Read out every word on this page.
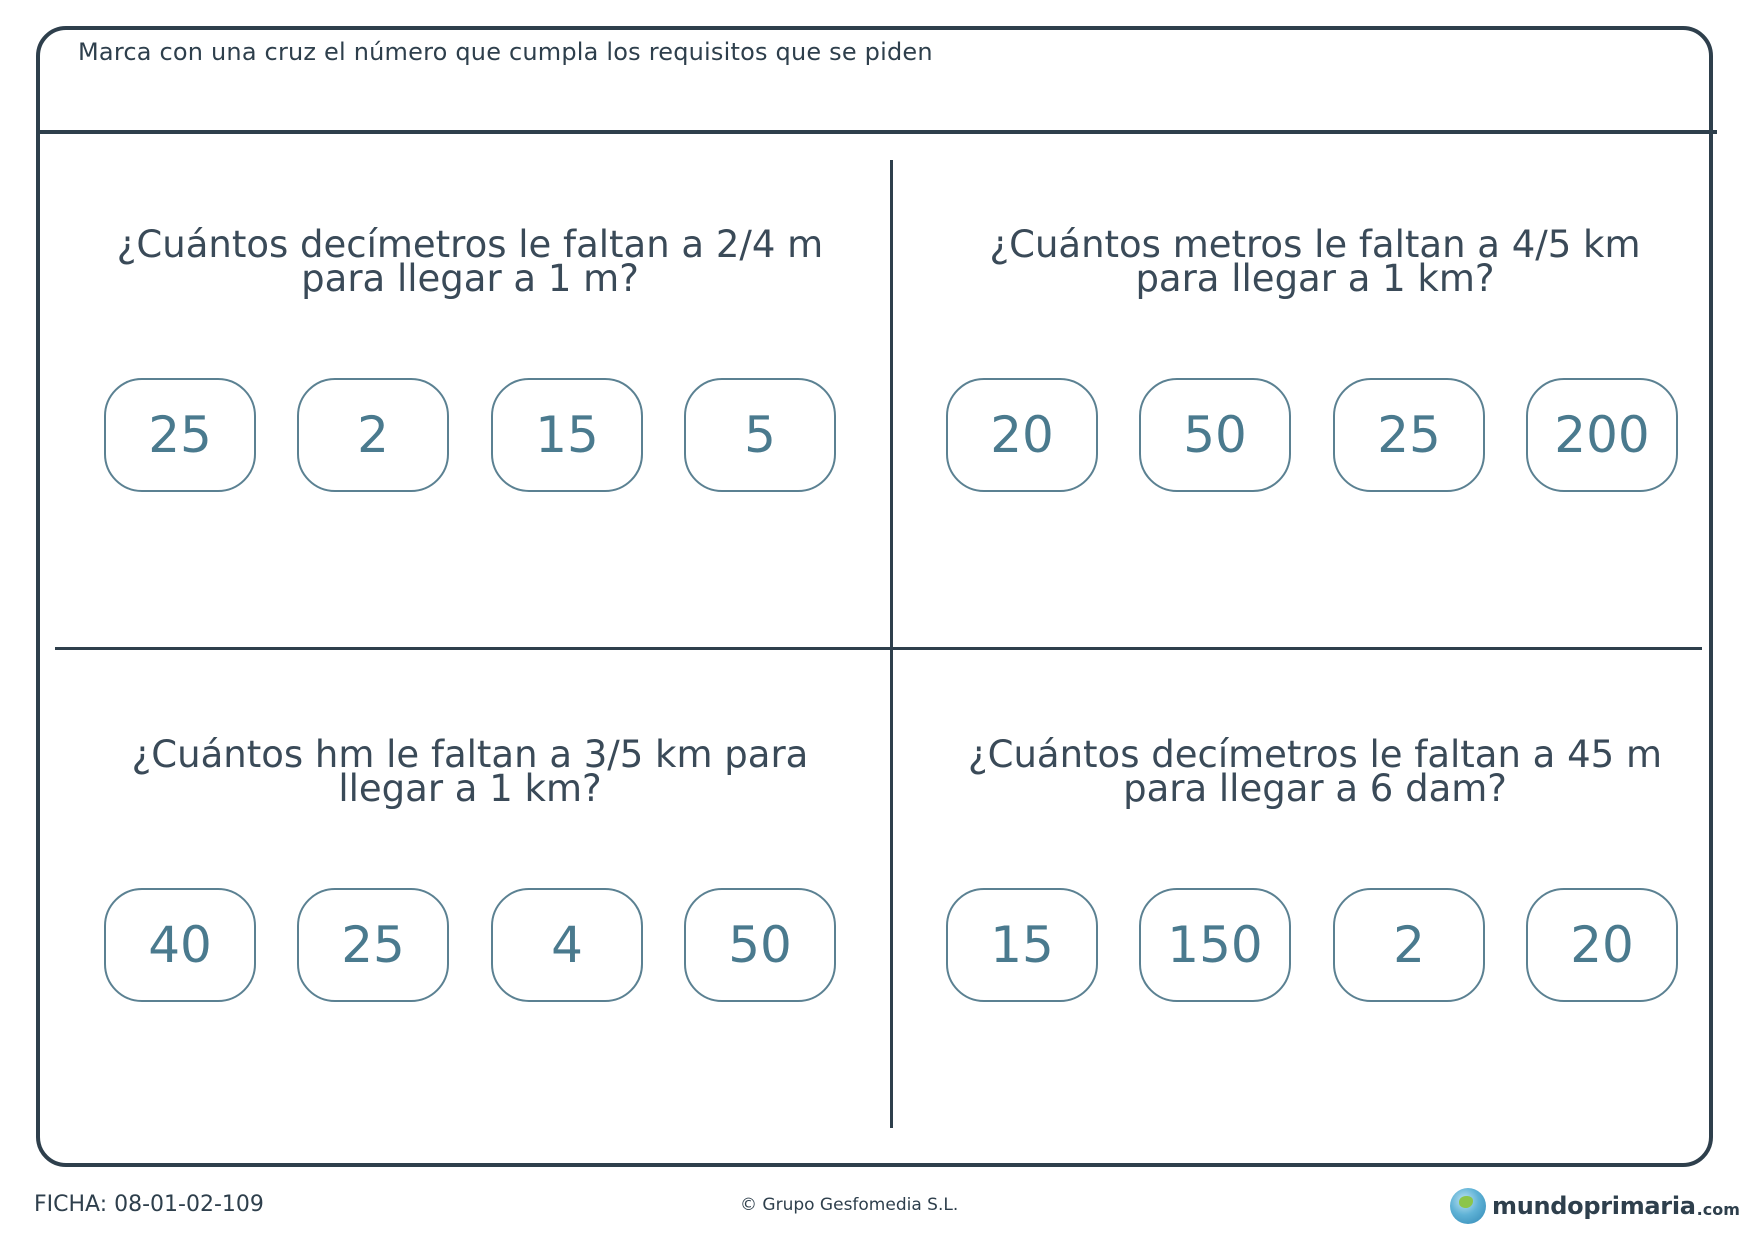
Marca con una cruz el número que cumpla los requisitos que se piden
¿Cuántos decímetros le faltan a 2/4 m
para llegar a 1 m?
25	2	15	5
¿Cuántos metros le faltan a 4/5 km
para llegar a 1 km?
20	50	25	200
¿Cuántos hm le faltan a 3/5 km para
llegar a 1 km?
40	25	4	50
¿Cuántos decímetros le faltan a 45 m
para llegar a 6 dam?
15	150	2	20
FICHA: 08-01-02-109	© Grupo Gesfomedia S.L.	mundoprimaria .com
